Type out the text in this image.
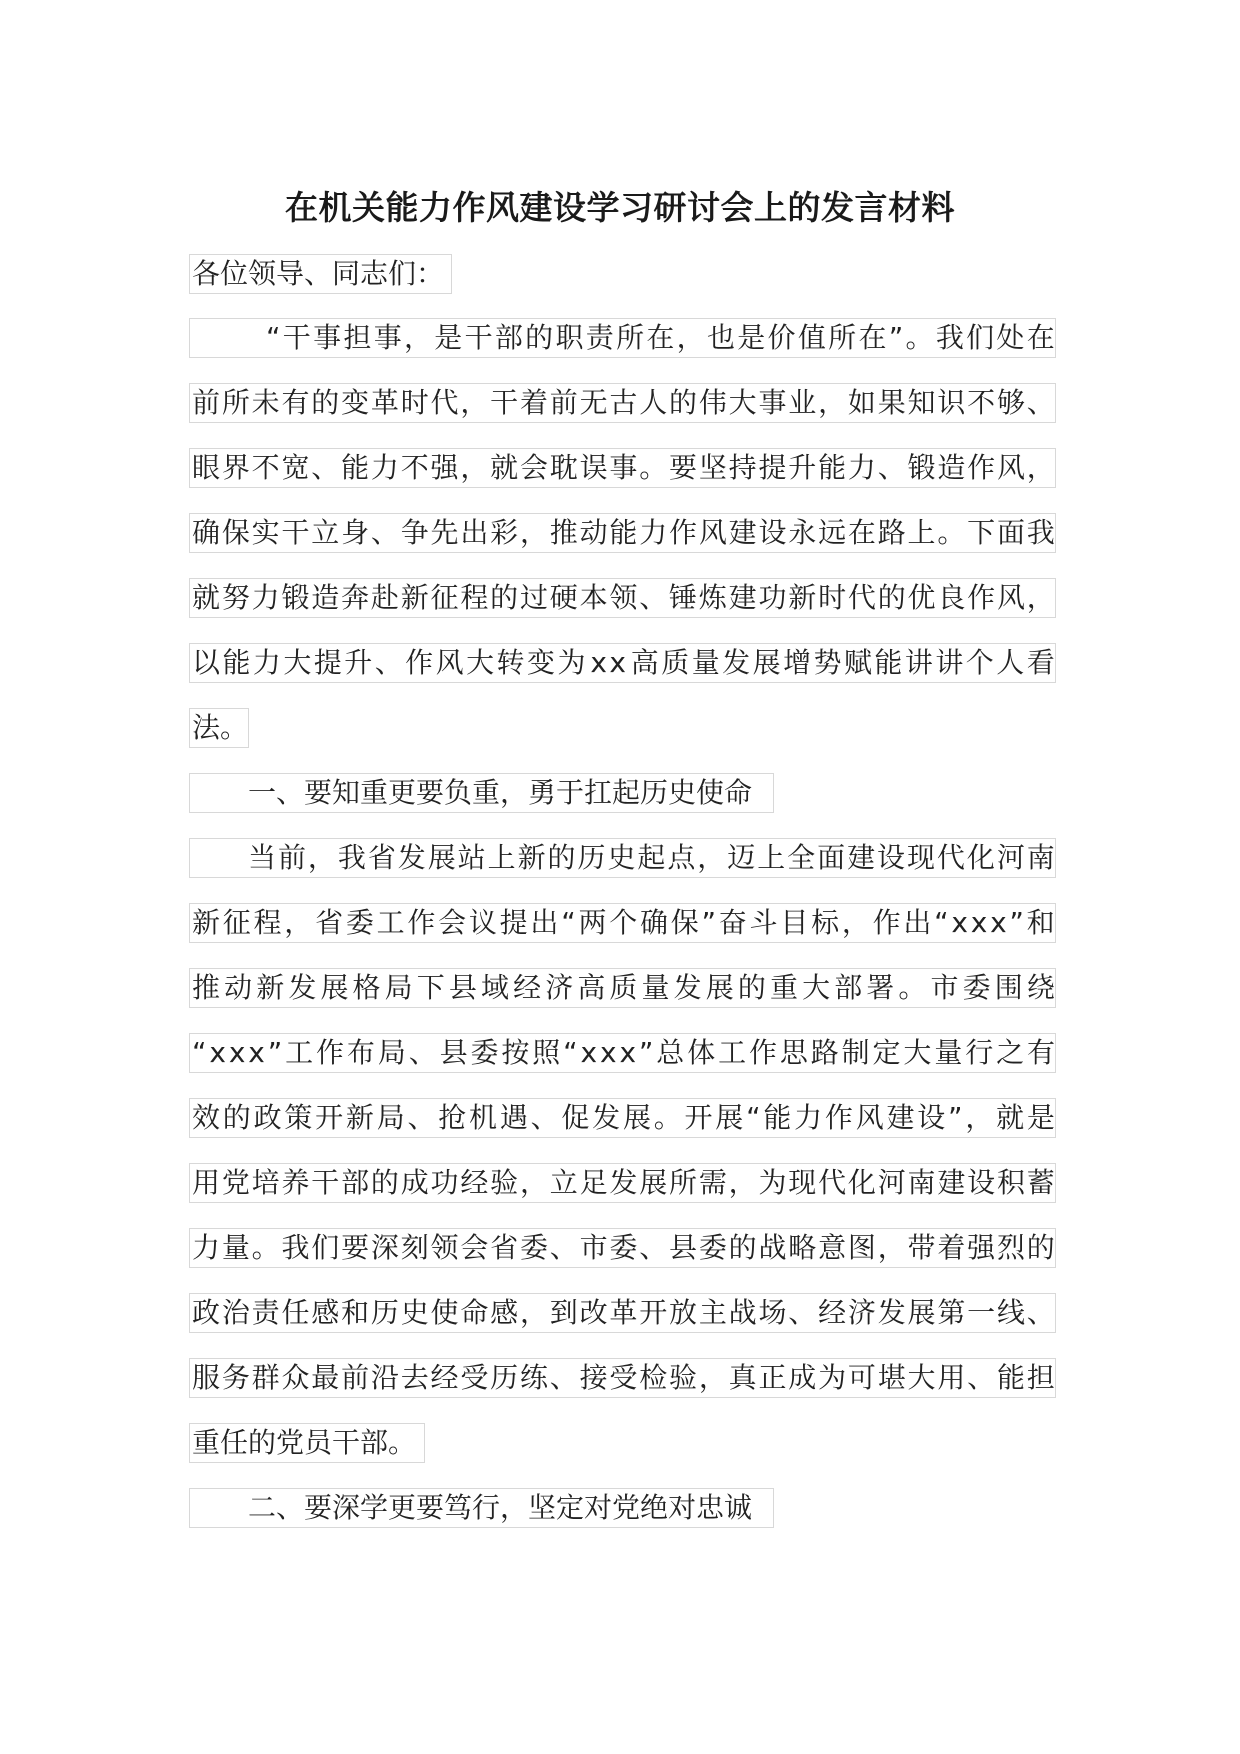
在机关能力作风建设学习研讨会上的发言材料
各位领导、同志们：
“ 干 事 担 事 ， 是 干 部 的 职 责 所 在 ， 也 是 价 值 所 在 ” 。 我 们 处 在
前 所 未 有 的 变 革 时 代 ， 干 着 前 无 古 人 的 伟 大 事 业 ， 如 果 知 识 不 够 、
眼 界 不 宽 、 能 力 不 强 ， 就 会 耽 误 事 。 要 坚 持 提 升 能 力 、 锻 造 作 风 ，
确 保 实 干 立 身 、 争 先 出 彩 ， 推 动 能 力 作 风 建 设 永 远 在 路 上 。 下 面 我
就 努 力 锻 造 奔 赴 新 征 程 的 过 硬 本 领 、 锤 炼 建 功 新 时 代 的 优 良 作 风 ，
以 能 力 大 提 升 、 作 风 大 转 变 为 x x 高 质 量 发 展 增 势 赋 能 讲 讲 个 人 看
法。
一、要知重更要负重，勇于扛起历史使命
当 前 ， 我 省 发 展 站 上 新 的 历 史 起 点 ， 迈 上 全 面 建 设 现 代 化 河 南
新 征 程 ， 省 委 工 作 会 议 提 出 “ 两 个 确 保 ” 奋 斗 目 标 ， 作 出 “ x x x ” 和
推 动 新 发 展 格 局 下 县 域 经 济 高 质 量 发 展 的 重 大 部 署 。 市 委 围 绕
“ x x x ” 工 作 布 局 、 县 委 按 照 “ x x x ” 总 体 工 作 思 路 制 定 大 量 行 之 有
效 的 政 策 开 新 局 、 抢 机 遇 、 促 发 展 。 开 展 “ 能 力 作 风 建 设 ” ， 就 是
用 党 培 养 干 部 的 成 功 经 验 ， 立 足 发 展 所 需 ， 为 现 代 化 河 南 建 设 积 蓄
力 量 。 我 们 要 深 刻 领 会 省 委 、 市 委 、 县 委 的 战 略 意 图 ， 带 着 强 烈 的
政 治 责 任 感 和 历 史 使 命 感 ， 到 改 革 开 放 主 战 场 、 经 济 发 展 第 一 线 、
服 务 群 众 最 前 沿 去 经 受 历 练 、 接 受 检 验 ， 真 正 成 为 可 堪 大 用 、 能 担
重任的党员干部。
二、要深学更要笃行，坚定对党绝对忠诚
